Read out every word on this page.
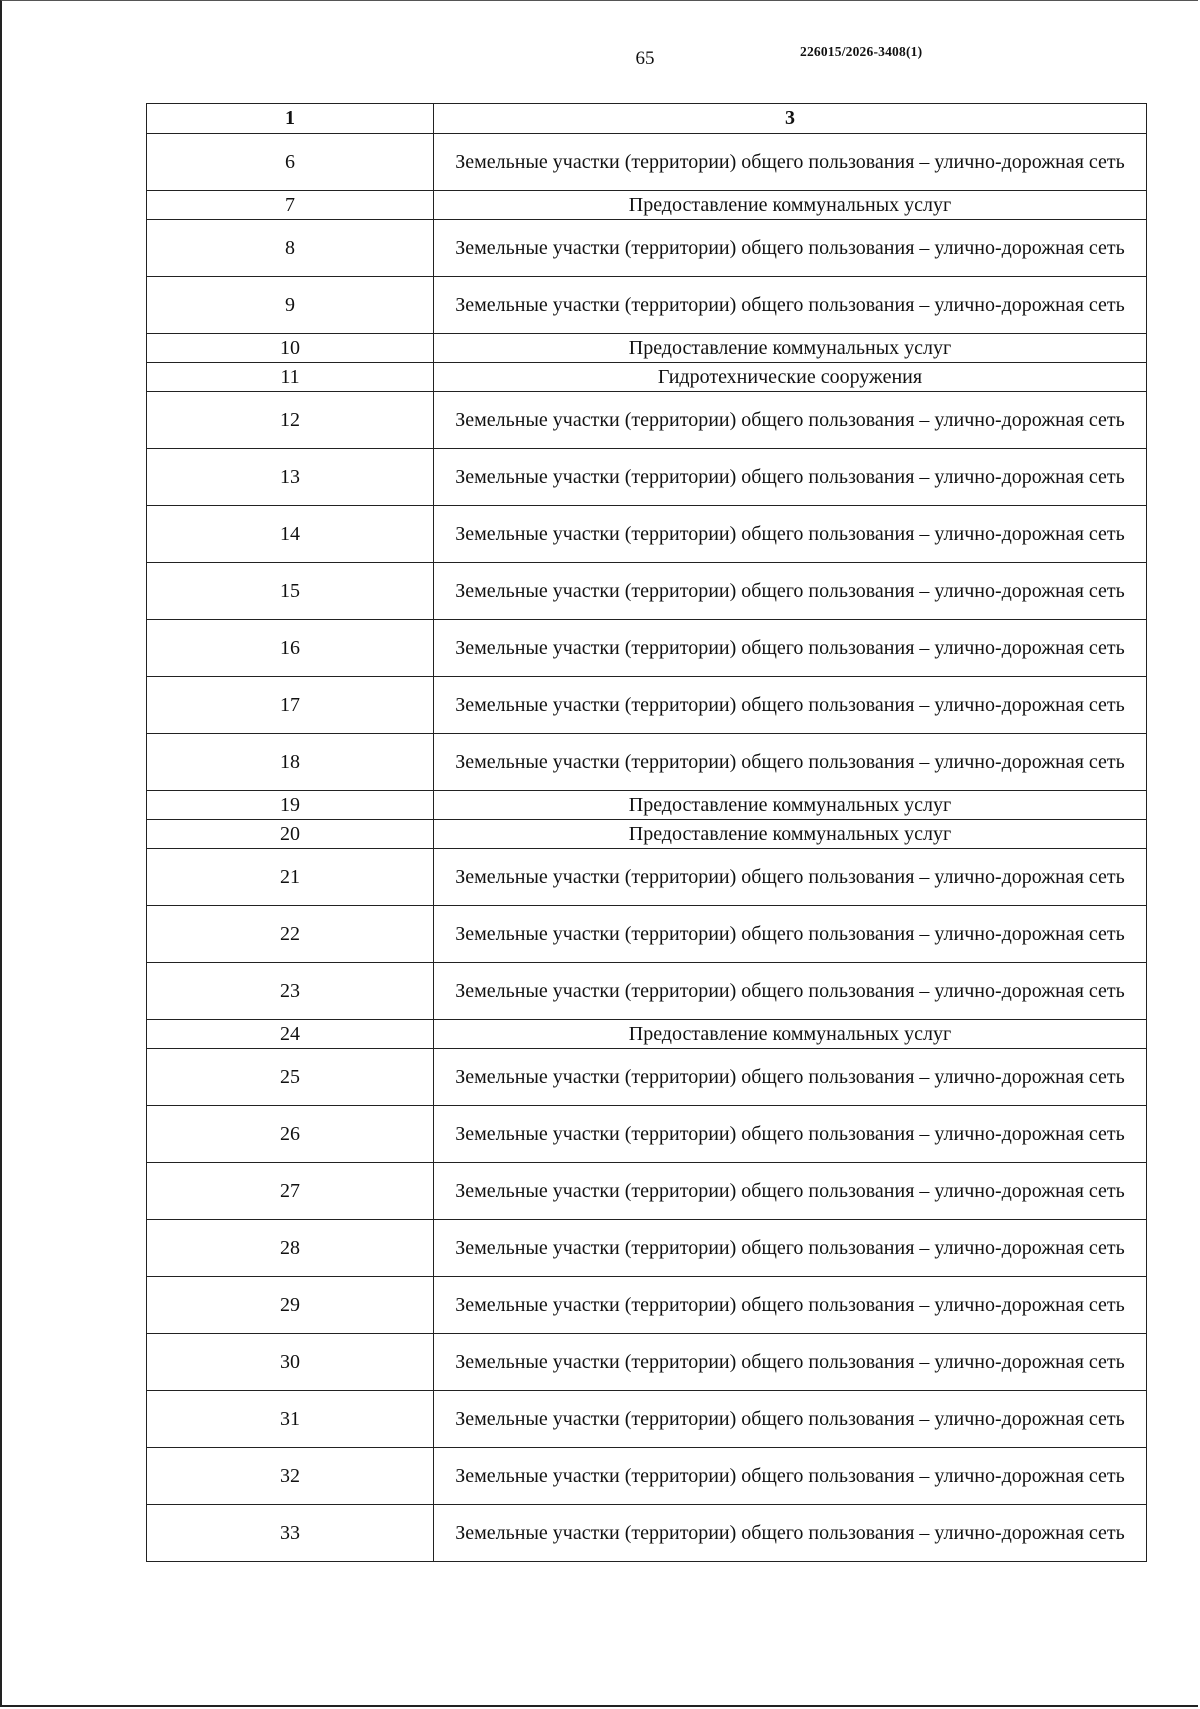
65	226015/2026-3408(1)
1	3
6	Земельные участки (территории) общего пользования – улично-дорожная сеть
7	Предоставление коммунальных услуг
8	Земельные участки (территории) общего пользования – улично-дорожная сеть
9	Земельные участки (территории) общего пользования – улично-дорожная сеть
10	Предоставление коммунальных услуг
11	Гидротехнические сооружения
12	Земельные участки (территории) общего пользования – улично-дорожная сеть
13	Земельные участки (территории) общего пользования – улично-дорожная сеть
14	Земельные участки (территории) общего пользования – улично-дорожная сеть
15	Земельные участки (территории) общего пользования – улично-дорожная сеть
16	Земельные участки (территории) общего пользования – улично-дорожная сеть
17	Земельные участки (территории) общего пользования – улично-дорожная сеть
18	Земельные участки (территории) общего пользования – улично-дорожная сеть
19	Предоставление коммунальных услуг
20	Предоставление коммунальных услуг
21	Земельные участки (территории) общего пользования – улично-дорожная сеть
22	Земельные участки (территории) общего пользования – улично-дорожная сеть
23	Земельные участки (территории) общего пользования – улично-дорожная сеть
24	Предоставление коммунальных услуг
25	Земельные участки (территории) общего пользования – улично-дорожная сеть
26	Земельные участки (территории) общего пользования – улично-дорожная сеть
27	Земельные участки (территории) общего пользования – улично-дорожная сеть
28	Земельные участки (территории) общего пользования – улично-дорожная сеть
29	Земельные участки (территории) общего пользования – улично-дорожная сеть
30	Земельные участки (территории) общего пользования – улично-дорожная сеть
31	Земельные участки (территории) общего пользования – улично-дорожная сеть
32	Земельные участки (территории) общего пользования – улично-дорожная сеть
33	Земельные участки (территории) общего пользования – улично-дорожная сеть
